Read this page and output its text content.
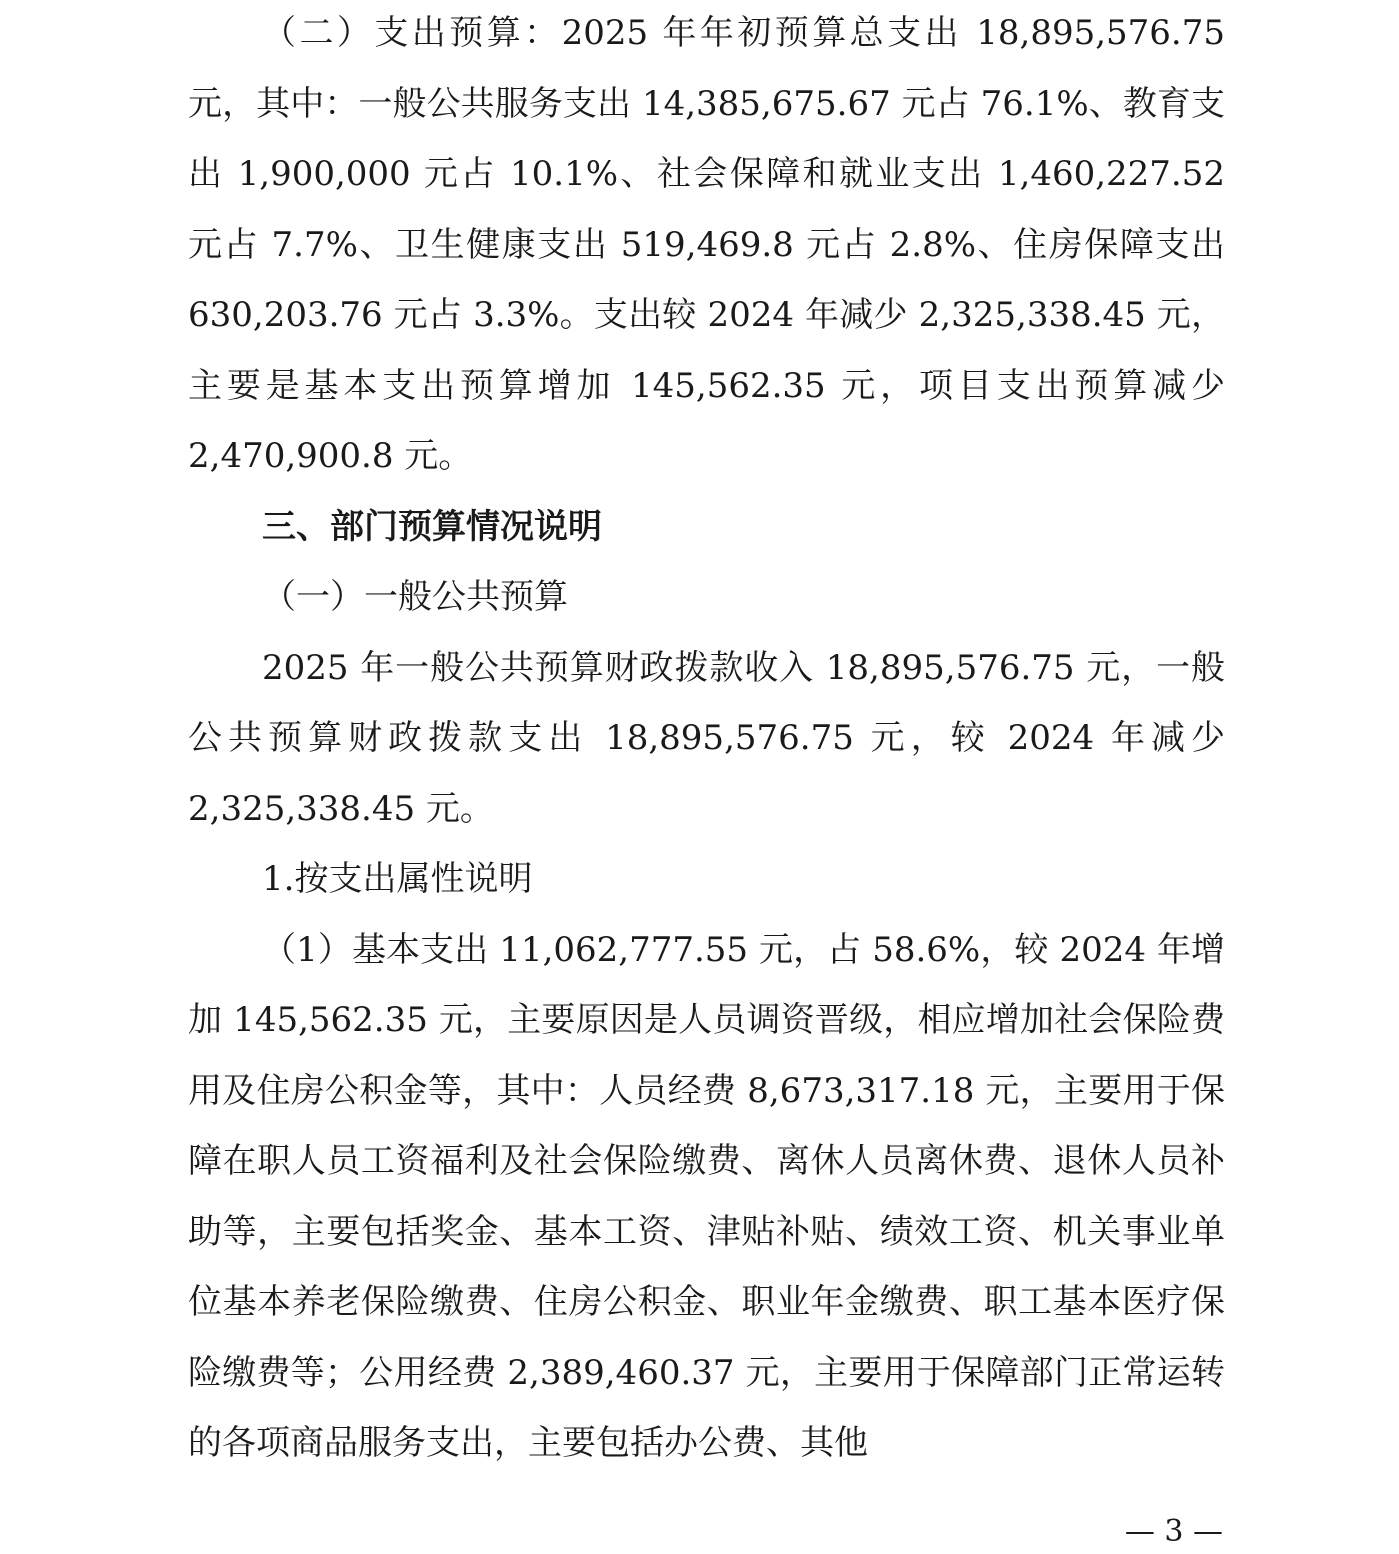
（二）支出预算：2025 年年初预算总支出 18,895,576.75 元，其中：一般公共服务支出 14,385,675.67 元占 76.1%、教育支出 1,900,000 元占 10.1%、社会保障和就业支出 1,460,227.52 元占 7.7%、卫生健康支出 519,469.8 元占 2.8%、住房保障支出 630,203.76 元占 3.3%。支出较 2024 年减少 2,325,338.45 元，主要是基本支出预算增加 145,562.35 元，项目支出预算减少 2,470,900.8 元。

三、部门预算情况说明

（一）一般公共预算

2025 年一般公共预算财政拨款收入 18,895,576.75 元，一般公共预算财政拨款支出 18,895,576.75 元，较 2024 年减少 2,325,338.45 元。

1.按支出属性说明

（1）基本支出 11,062,777.55 元，占 58.6%，较 2024 年增加 145,562.35 元，主要原因是人员调资晋级，相应增加社会保险费用及住房公积金等，其中：人员经费 8,673,317.18 元，主要用于保障在职人员工资福利及社会保险缴费、离休人员离休费、退休人员补助等，主要包括奖金、基本工资、津贴补贴、绩效工资、机关事业单位基本养老保险缴费、住房公积金、职业年金缴费、职工基本医疗保险缴费等；公用经费 2,389,460.37 元，主要用于保障部门正常运转的各项商品服务支出，主要包括办公费、其他

— 3 —
